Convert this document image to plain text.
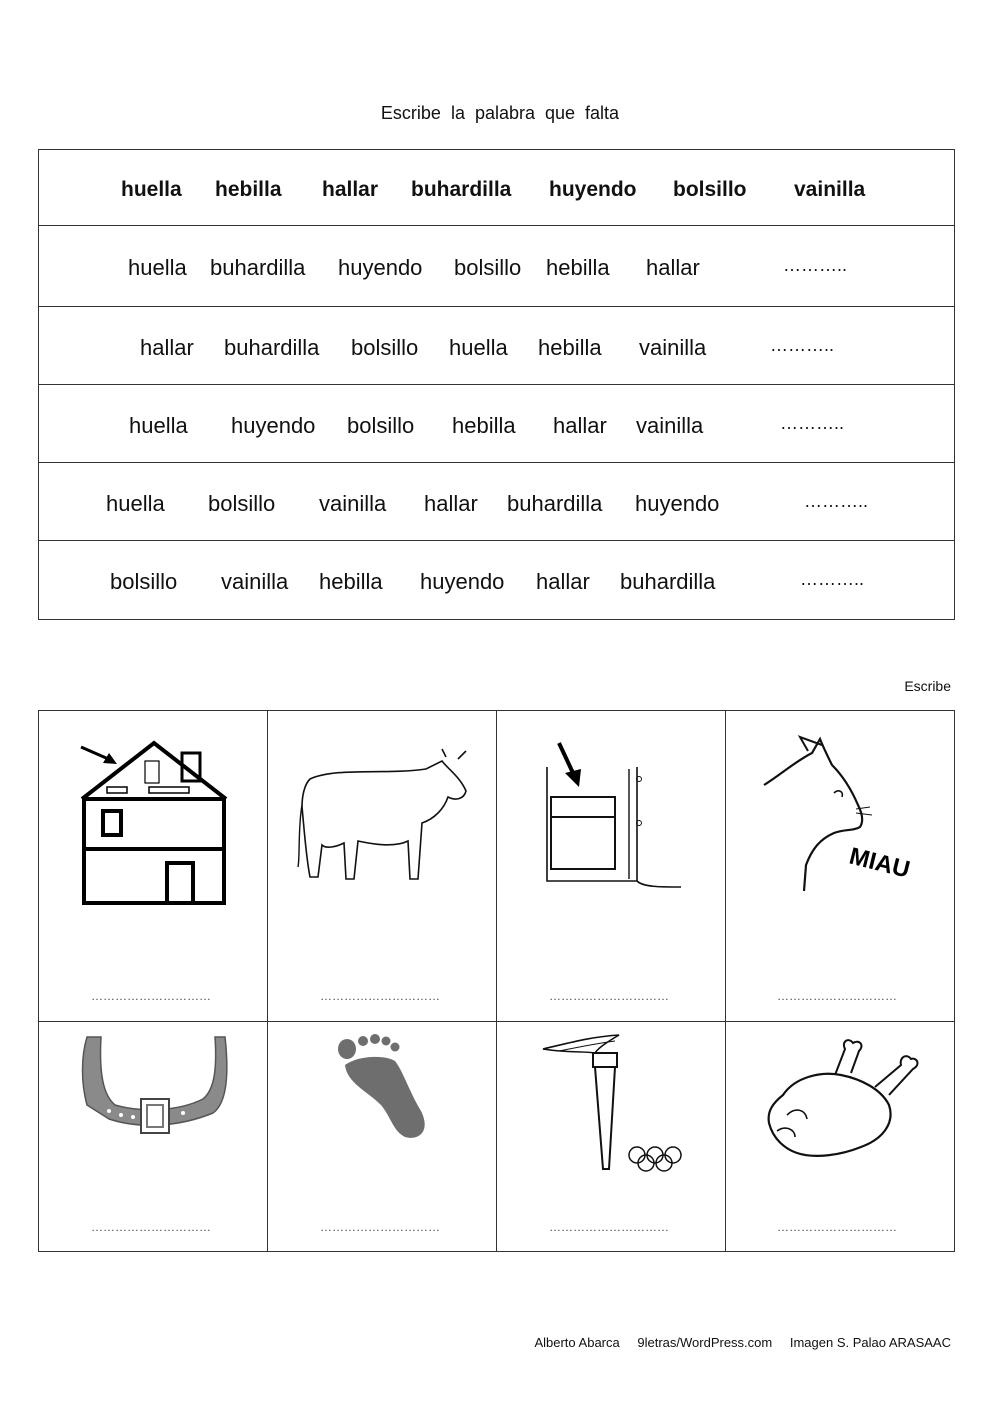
Escribe la palabra que falta
huella hebilla hallar buhardilla huyendo bolsillo vainilla
huella buhardilla huyendo bolsillo hebilla hallar	………..
hallar buhardilla bolsillo huella hebilla vainilla	………..
huella huyendo bolsillo hebilla hallar vainilla	………..
huella bolsillo vainilla hallar buhardilla huyendo	………..
bolsillo vainilla hebilla huyendo hallar buhardilla	………..
Escribe
…………………………	…………………………	…………………………
MIAU
…………………………
…………………………	…………………………	…………………………	…………………………
Alberto Abarca 9letras/WordPress.com Imagen S. Palao ARASAAC
